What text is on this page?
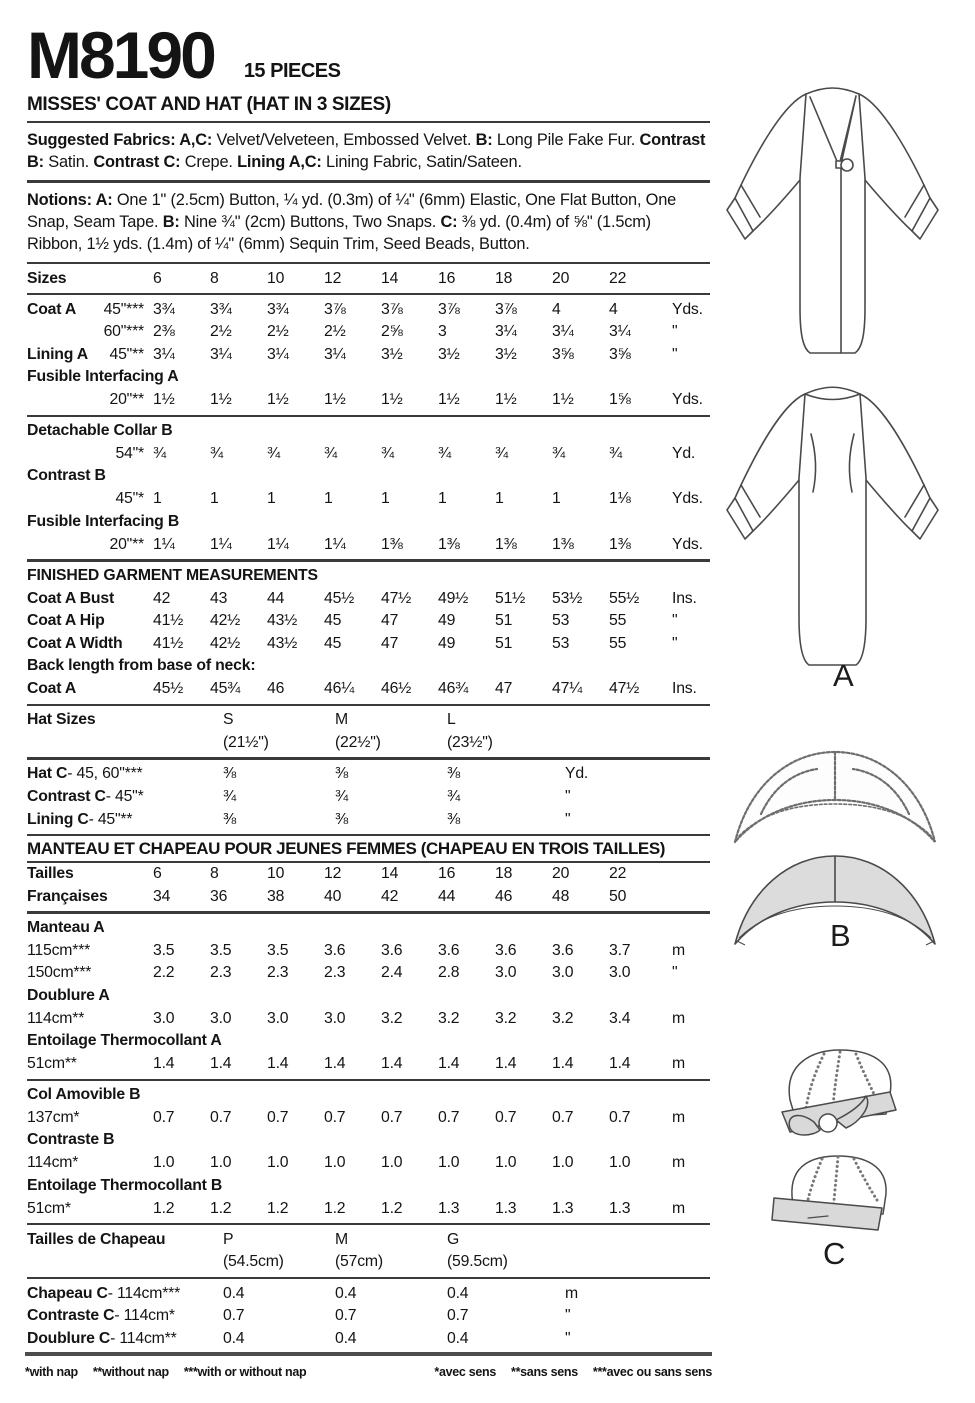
M8190 15 PIECES
MISSES' COAT AND HAT (HAT IN 3 SIZES)
Suggested Fabrics: A,C: Velvet/Velveteen, Embossed Velvet. B: Long Pile Fake Fur. Contrast B: Satin. Contrast C: Crepe. Lining A,C: Lining Fabric, Satin/Sateen.
Notions: A: One 1" (2.5cm) Button, ¼ yd. (0.3m) of ¼" (6mm) Elastic, One Flat Button, One Snap, Seam Tape. B: Nine ¾" (2cm) Buttons, Two Snaps. C: ⅜ yd. (0.4m) of ⅝" (1.5cm) Ribbon, 1½ yds. (1.4m) of ¼" (6mm) Sequin Trim, Seed Beads, Button.
Sizes	6	8	10	12	14	16	18	20	22
Coat A 45"*** 3¾	3¾	3¾	3⅞	3⅞	3⅞	3⅞	4	4	Yds.
60"*** 2⅜	2½	2½	2½	2⅝	3	3¼	3¼	3¼	"
Lining A 45"** 3¼	3¼	3¼	3¼	3½	3½	3½	3⅝	3⅝	"
Fusible Interfacing A
20"** 1½	1½	1½	1½	1½	1½	1½	1½	1⅝	Yds.
Detachable Collar B
54"* ¾	¾	¾	¾	¾	¾	¾	¾	¾	Yd.
Contrast B
45"* 1	1	1	1	1	1	1	1	1⅛	Yds.
Fusible Interfacing B
20"** 1¼	1¼	1¼	1¼	1⅜	1⅜	1⅜	1⅜	1⅜	Yds.
FINISHED GARMENT MEASUREMENTS
Coat A Bust 42	43	44	45½	47½	49½	51½	53½	55½	Ins.
Coat A Hip	41½	42½	43½	45	47	49	51	53	55	"
Coat A Width 41½	42½	43½	45	47	49	51	53	55	"
Back length from base of neck:
Coat A	45½	45¾	46	46¼	46½	46¾	47	47¼	47½	Ins.
Hat Sizes	S	M	L
(21½")	(22½")	(23½")
Hat C - 45, 60"***	⅜	⅜	⅜	Yd.
Contrast C - 45"*	¾	¾	¾	"
Lining C - 45"**	⅜	⅜	⅜	"
MANTEAU ET CHAPEAU POUR JEUNES FEMMES (CHAPEAU EN TROIS TAILLES)
Tailles	6	8	10	12	14	16	18	20	22
Françaises	34	36	38	40	42	44	46	48	50
Manteau A
115cm***	3.5	3.5	3.5	3.6	3.6	3.6	3.6	3.6	3.7	m
150cm***	2.2	2.3	2.3	2.3	2.4	2.8	3.0	3.0	3.0	"
Doublure A
114cm**	3.0	3.0	3.0	3.0	3.2	3.2	3.2	3.2	3.4	m
Entoilage Thermocollant A
51cm**	1.4	1.4	1.4	1.4	1.4	1.4	1.4	1.4	1.4	m
Col Amovible B
137cm*	0.7	0.7	0.7	0.7	0.7	0.7	0.7	0.7	0.7	m
Contraste B
114cm*	1.0	1.0	1.0	1.0	1.0	1.0	1.0	1.0	1.0	m
Entoilage Thermocollant B
51cm*	1.2	1.2	1.2	1.2	1.2	1.3	1.3	1.3	1.3	m
Tailles de Chapeau	P	M	G
(54.5cm)	(57cm)	(59.5cm)
Chapeau C - 114cm***	0.4	0.4	0.4	m
Contraste C - 114cm*	0.7	0.7	0.7	"
Doublure C - 114cm**	0.4	0.4	0.4	"
A
B
C
*with nap **without nap ***with or without nap	*avec sens **sans sens ***avec ou sans sens
